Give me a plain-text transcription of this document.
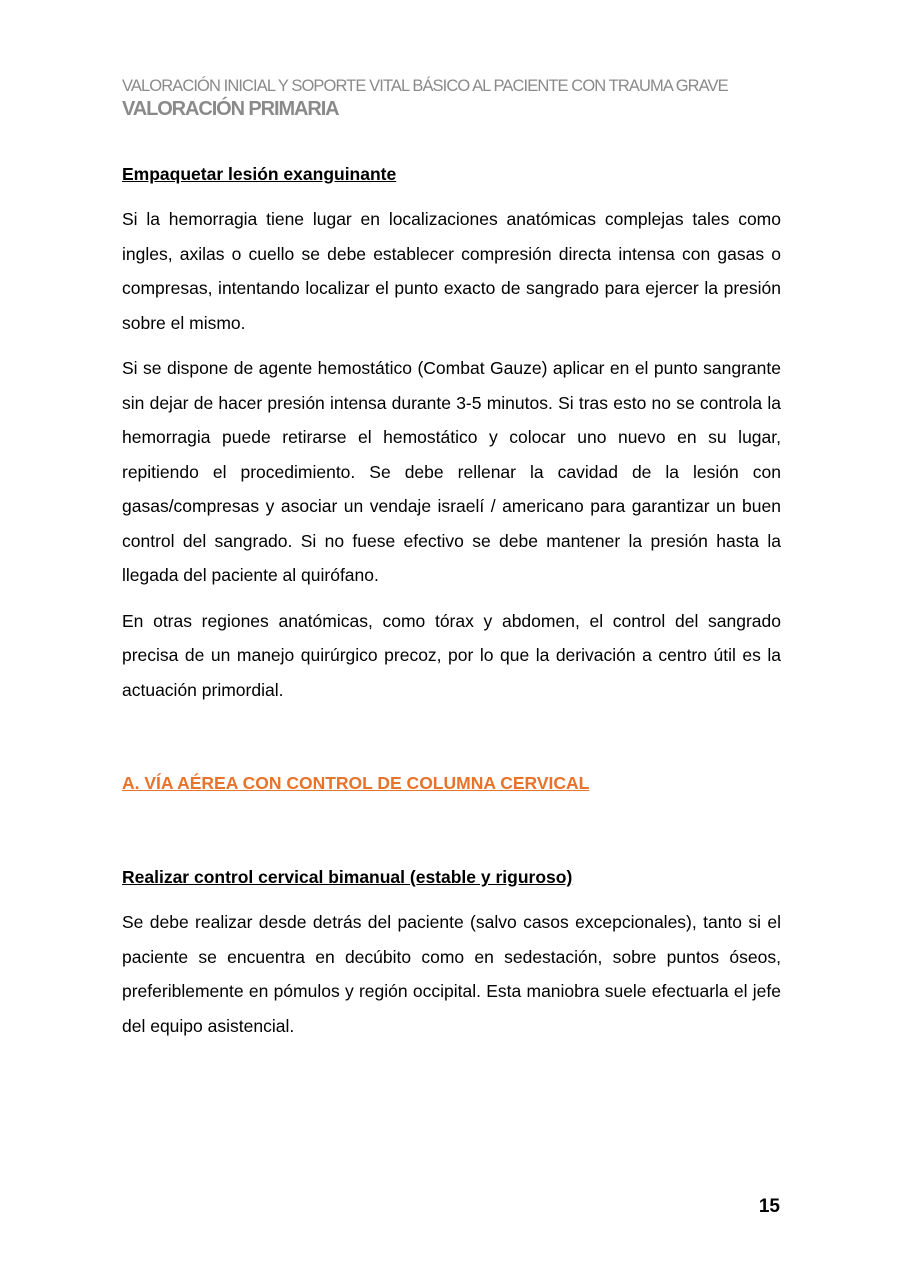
VALORACIÓN INICIAL Y SOPORTE VITAL BÁSICO AL PACIENTE CON TRAUMA GRAVE
VALORACIÓN PRIMARIA

Empaquetar lesión exanguinante

Si la hemorragia tiene lugar en localizaciones anatómicas complejas tales como ingles, axilas o cuello se debe establecer compresión directa intensa con gasas o compresas, intentando localizar el punto exacto de sangrado para ejercer la presión sobre el mismo.

Si se dispone de agente hemostático (Combat Gauze) aplicar en el punto sangrante sin dejar de hacer presión intensa durante 3-5 minutos. Si tras esto no se controla la hemorragia puede retirarse el hemostático y colocar uno nuevo en su lugar, repitiendo el procedimiento. Se debe rellenar la cavidad de la lesión con gasas/compresas y asociar un vendaje israelí / americano para garantizar un buen control del sangrado. Si no fuese efectivo se debe mantener la presión hasta la llegada del paciente al quirófano.

En otras regiones anatómicas, como tórax y abdomen, el control del sangrado precisa de un manejo quirúrgico precoz, por lo que la derivación a centro útil es la actuación primordial.

A. VÍA AÉREA CON CONTROL DE COLUMNA CERVICAL

Realizar control cervical bimanual (estable y riguroso)

Se debe realizar desde detrás del paciente (salvo casos excepcionales), tanto si el paciente se encuentra en decúbito como en sedestación, sobre puntos óseos, preferiblemente en pómulos y región occipital. Esta maniobra suele efectuarla el jefe del equipo asistencial.

15
